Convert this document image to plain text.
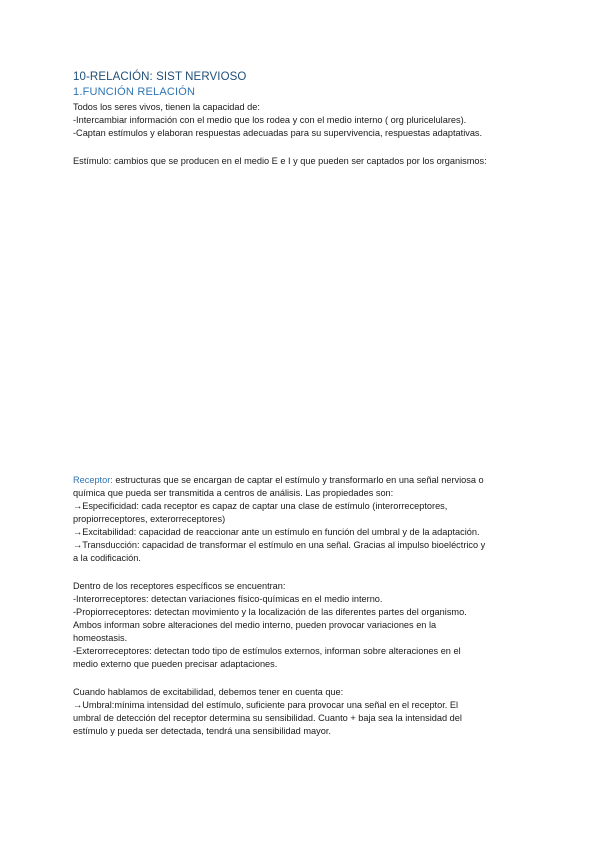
10-RELACIÓN: SIST NERVIOSO
1.FUNCIÓN RELACIÓN
Todos los seres vivos, tienen la capacidad de:
-Intercambiar información con el medio que los rodea y con el medio interno ( org pluricelulares).
-Captan estímulos y elaboran respuestas adecuadas para su supervivencia, respuestas adaptativas.
Estímulo: cambios que se producen en el medio E e I y que pueden ser captados por los organismos:
Receptor: estructuras que se encargan de captar el estímulo y transformarlo en una señal nerviosa o
química que pueda ser transmitida a centros de análisis. Las propiedades son:
→Especificidad: cada receptor es capaz de captar una clase de estímulo (interorreceptores,
propiorreceptores, exterorreceptores)
→Excitabilidad: capacidad de reaccionar ante un estímulo en función del umbral y de la adaptación.
→Transducción: capacidad de transformar el estímulo en una señal. Gracias al impulso bioeléctrico y
a la codificación.
Dentro de los receptores específicos se encuentran:
-Interorreceptores: detectan variaciones físico-químicas en el medio interno.
-Propiorreceptores: detectan movimiento y la localización de las diferentes partes del organismo.
Ambos informan sobre alteraciones del medio interno, pueden provocar variaciones en la
homeostasis.
-Exterorreceptores: detectan todo tipo de estímulos externos, informan sobre alteraciones en el
medio externo que pueden precisar adaptaciones.
Cuando hablamos de excitabilidad, debemos tener en cuenta que:
→Umbral:mínima intensidad del estímulo, suficiente para provocar una señal en el receptor. El
umbral de detección del receptor determina su sensibilidad. Cuanto + baja sea la intensidad del
estímulo y pueda ser detectada, tendrá una sensibilidad mayor.
